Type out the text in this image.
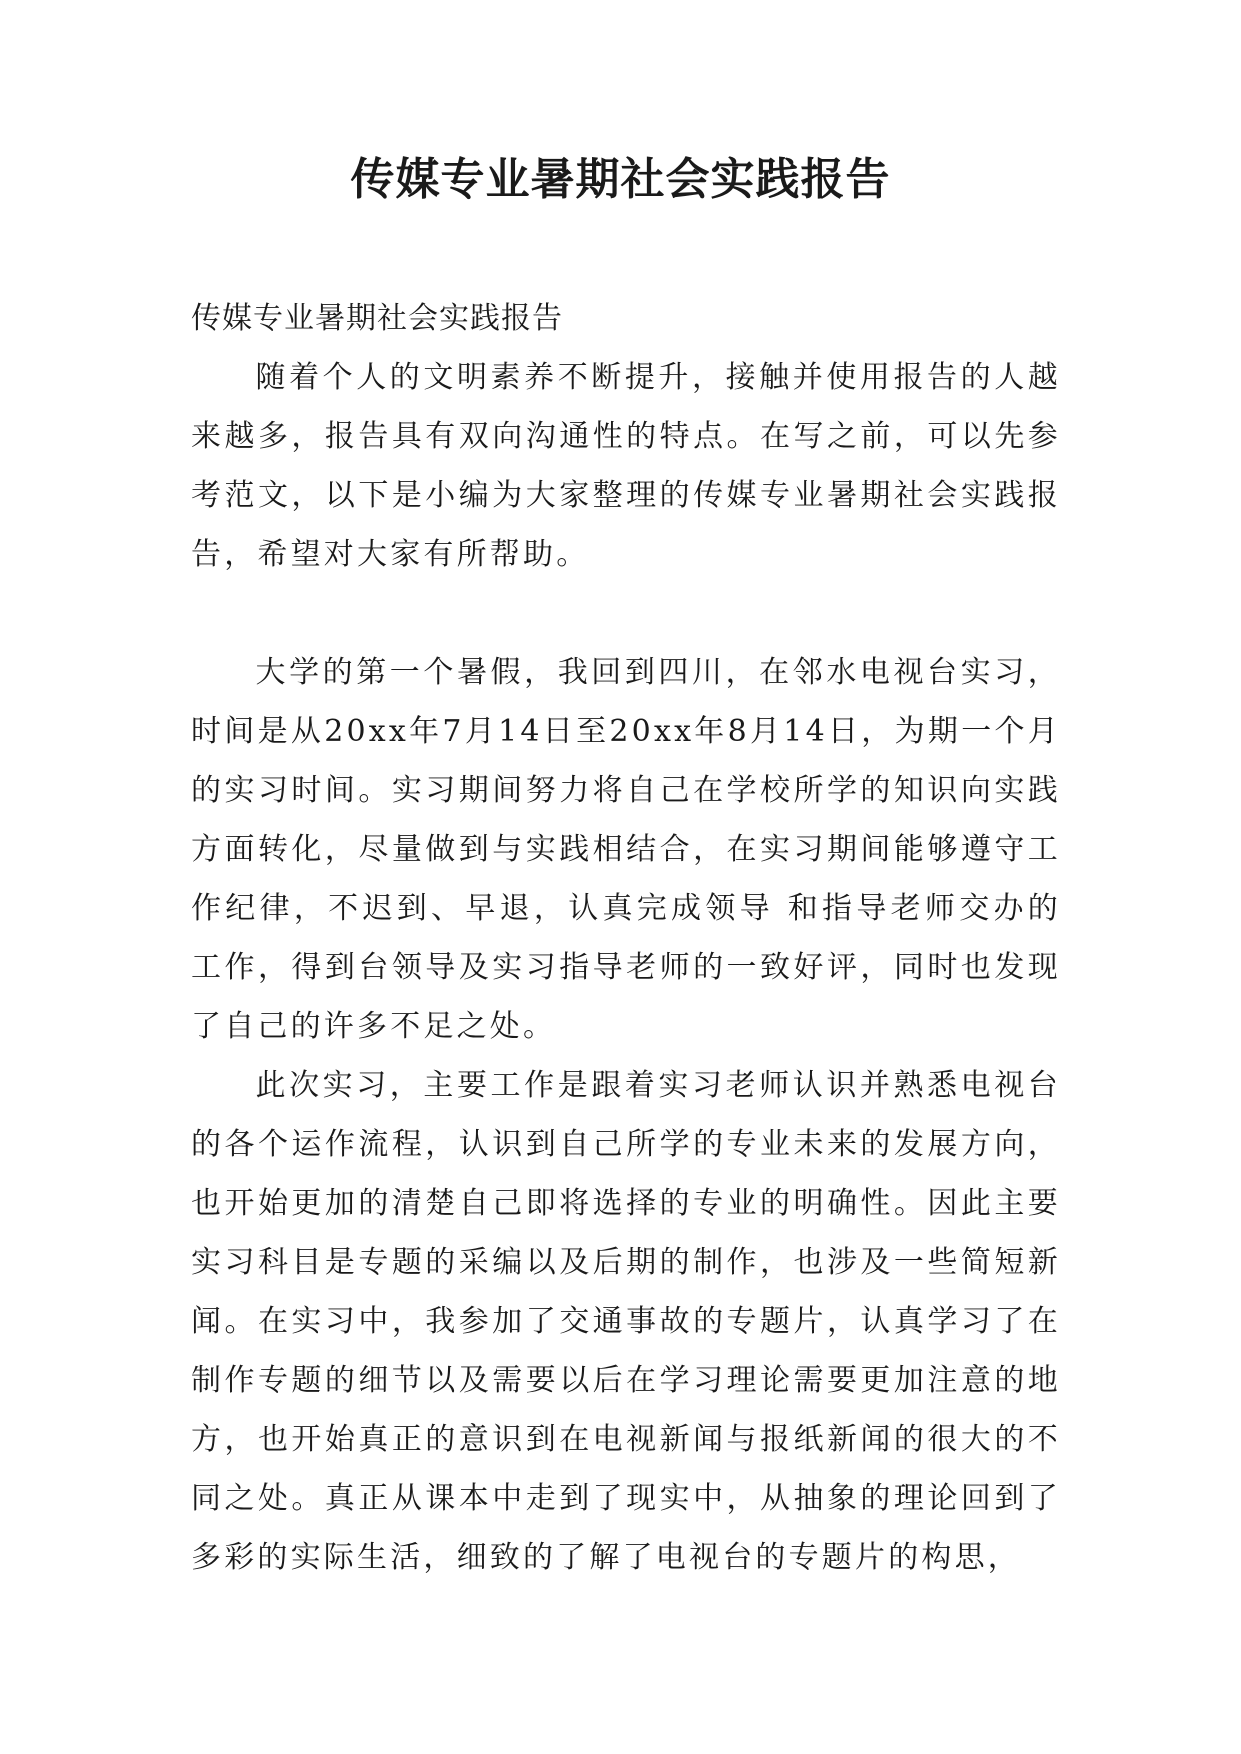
传媒专业暑期社会实践报告

传媒专业暑期社会实践报告

随着个人的文明素养不断提升，接触并使用报告的人越来越多，报告具有双向沟通性的特点。在写之前，可以先参考范文，以下是小编为大家整理的传媒专业暑期社会实践报告，希望对大家有所帮助。

大学的第一个暑假，我回到四川，在邻水电视台实习，时间是从20xx年7月14日至20xx年8月14日，为期一个月的实习时间。实习期间努力将自己在学校所学的知识向实践方面转化，尽量做到与实践相结合，在实习期间能够遵守工作纪律，不迟到、早退，认真完成领导 和指导老师交办的工作，得到台领导及实习指导老师的一致好评，同时也发现了自己的许多不足之处。

此次实习，主要工作是跟着实习老师认识并熟悉电视台的各个运作流程，认识到自己所学的专业未来的发展方向，也开始更加的清楚自己即将选择的专业的明确性。因此主要实习科目是专题的采编以及后期的制作，也涉及一些简短新闻。在实习中，我参加了交通事故的专题片，认真学习了在制作专题的细节以及需要以后在学习理论需要更加注意的地方，也开始真正的意识到在电视新闻与报纸新闻的很大的不同之处。真正从课本中走到了现实中，从抽象的理论回到了多彩的实际生活，细致的了解了电视台的专题片的构思，
